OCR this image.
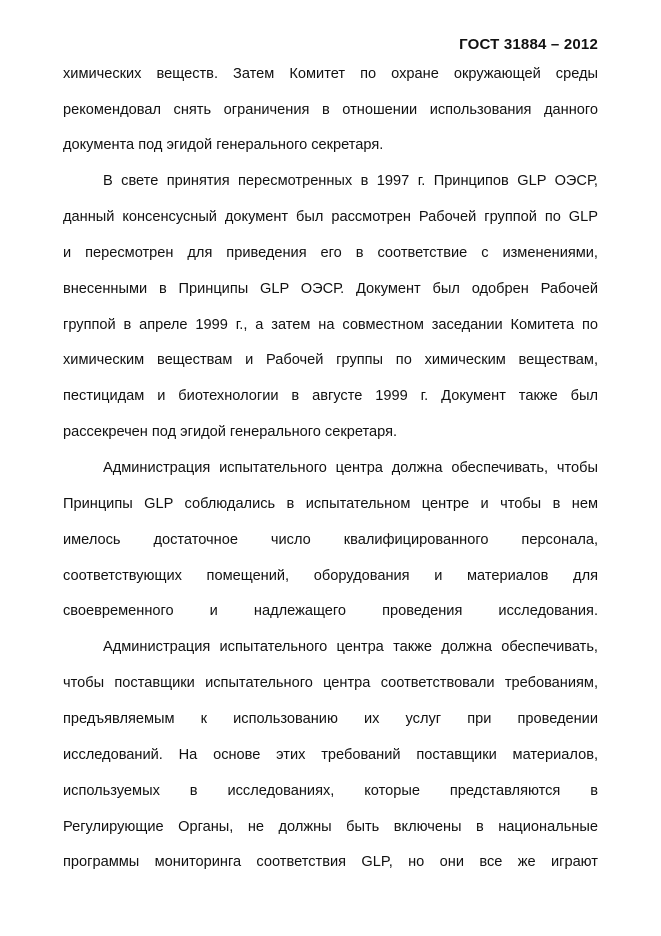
ГОСТ 31884 – 2012
химических веществ. Затем Комитет по охране окружающей среды
рекомендовал снять ограничения в отношении использования данного
документа под эгидой генерального секретаря.
В свете принятия пересмотренных в 1997 г. Принципов GLP ОЭСР,
данный консенсусный документ был рассмотрен Рабочей группой по GLP
и пересмотрен для приведения его в соответствие с изменениями,
внесенными в Принципы GLP ОЭСР. Документ был одобрен Рабочей
группой в апреле 1999 г., а затем на совместном заседании Комитета по
химическим веществам и Рабочей группы по химическим веществам,
пестицидам и биотехнологии в августе 1999 г. Документ также был
рассекречен под эгидой генерального секретаря.
Администрация испытательного центра должна обеспечивать, чтобы
Принципы GLP соблюдались в испытательном центре и чтобы в нем
имелось достаточное число квалифицированного персонала,
соответствующих помещений, оборудования и материалов для
своевременного и надлежащего проведения исследования.
Администрация испытательного центра также должна обеспечивать,
чтобы поставщики испытательного центра соответствовали требованиям,
предъявляемым к использованию их услуг при проведении
исследований. На основе этих требований поставщики материалов,
используемых в исследованиях, которые представляются в
Регулирующие Органы, не должны быть включены в национальные
программы мониторинга соответствия GLP, но они все же играют
